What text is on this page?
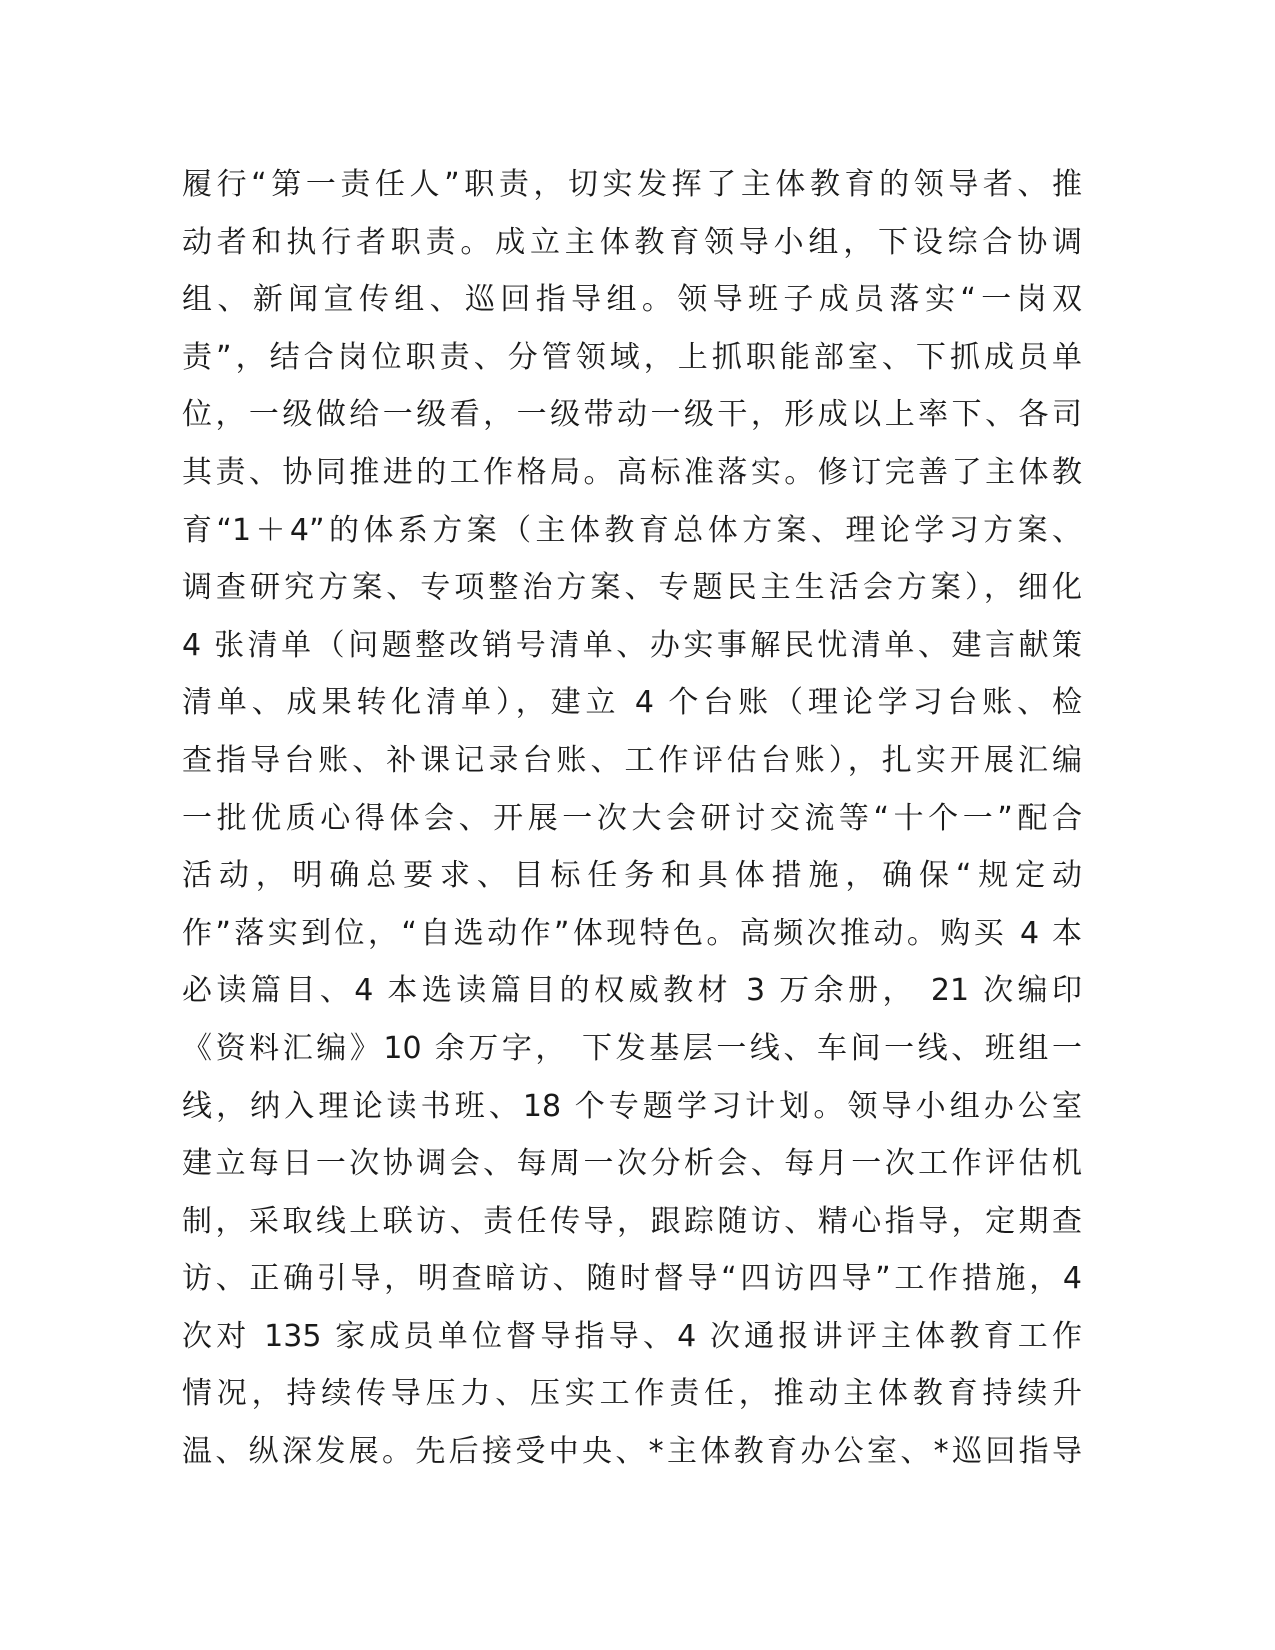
履行“第一责任人”职责，切实发挥了主体教育的领导者、推
动者和执行者职责。成立主体教育领导小组，下设综合协调
组、新闻宣传组、巡回指导组。领导班子成员落实“一岗双
责”，结合岗位职责、分管领域，上抓职能部室、下抓成员单
位，一级做给一级看，一级带动一级干，形成以上率下、各司
其责、协同推进的工作格局。高标准落实。修订完善了主体教
育“1＋4”的体系方案（主体教育总体方案、理论学习方案、
调查研究方案、专项整治方案、专题民主生活会方案），细化
4 张清单（问题整改销号清单、办实事解民忧清单、建言献策
清单、成果转化清单），建立 4 个台账（理论学习台账、检
查指导台账、补课记录台账、工作评估台账），扎实开展汇编
一批优质心得体会、开展一次大会研讨交流等“十个一”配合
活动，明确总要求、目标任务和具体措施，确保“规定动
作”落实到位，“自选动作”体现特色。高频次推动。购买 4 本
必读篇目、4 本选读篇目的权威教材 3 万余册， 21 次编印
《资料汇编》10 余万字， 下发基层一线、车间一线、班组一
线，纳入理论读书班、18 个专题学习计划。领导小组办公室
建立每日一次协调会、每周一次分析会、每月一次工作评估机
制，采取线上联访、责任传导，跟踪随访、精心指导，定期查
访、正确引导，明查暗访、随时督导“四访四导”工作措施，4
次对 135 家成员单位督导指导、4 次通报讲评主体教育工作
情况，持续传导压力、压实工作责任，推动主体教育持续升
温、纵深发展。先后接受中央、*主体教育办公室、*巡回指导
